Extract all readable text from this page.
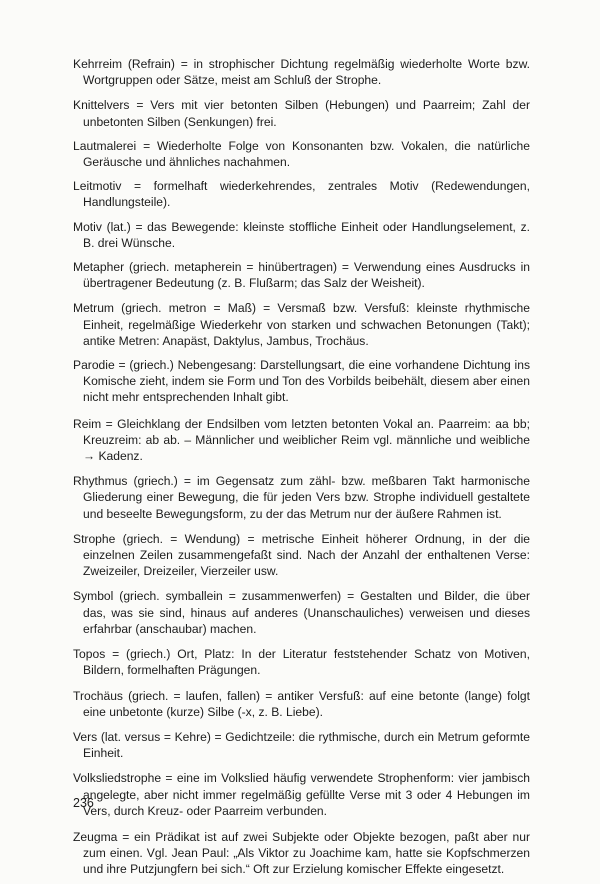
Kehrreim (Refrain) = in strophischer Dichtung regelmäßig wiederholte Worte bzw. Wortgruppen oder Sätze, meist am Schluß der Strophe.

Knittelvers = Vers mit vier betonten Silben (Hebungen) und Paarreim; Zahl der unbetonten Silben (Senkungen) frei.

Lautmalerei = Wiederholte Folge von Konsonanten bzw. Vokalen, die natürliche Geräusche und ähnliches nachahmen.

Leitmotiv = formelhaft wiederkehrendes, zentrales Motiv (Redewendungen, Handlungsteile).

Motiv (lat.) = das Bewegende: kleinste stoffliche Einheit oder Handlungselement, z. B. drei Wünsche.

Metapher (griech. metapherein = hinübertragen) = Verwendung eines Ausdrucks in übertragener Bedeutung (z. B. Flußarm; das Salz der Weisheit).

Metrum (griech. metron = Maß) = Versmaß bzw. Versfuß: kleinste rhythmische Einheit, regelmäßige Wiederkehr von starken und schwachen Betonungen (Takt); antike Metren: Anapäst, Daktylus, Jambus, Trochäus.

Parodie = (griech.) Nebengesang: Darstellungsart, die eine vorhandene Dichtung ins Komische zieht, indem sie Form und Ton des Vorbilds beibehält, diesem aber einen nicht mehr entsprechenden Inhalt gibt.

Reim = Gleichklang der Endsilben vom letzten betonten Vokal an. Paarreim: aa bb; Kreuzreim: ab ab. – Männlicher und weiblicher Reim vgl. männliche und weibliche → Kadenz.

Rhythmus (griech.) = im Gegensatz zum zähl- bzw. meßbaren Takt harmonische Gliederung einer Bewegung, die für jeden Vers bzw. Strophe individuell gestaltete und beseelte Bewegungsform, zu der das Metrum nur der äußere Rahmen ist.

Strophe (griech. = Wendung) = metrische Einheit höherer Ordnung, in der die einzelnen Zeilen zusammengefaßt sind. Nach der Anzahl der enthaltenen Verse: Zweizeiler, Dreizeiler, Vierzeiler usw.

Symbol (griech. symballein = zusammenwerfen) = Gestalten und Bilder, die über das, was sie sind, hinaus auf anderes (Unanschauliches) verweisen und dieses erfahrbar (anschaubar) machen.

Topos = (griech.) Ort, Platz: In der Literatur feststehender Schatz von Motiven, Bildern, formelhaften Prägungen.

Trochäus (griech. = laufen, fallen) = antiker Versfuß: auf eine betonte (lange) folgt eine unbetonte (kurze) Silbe (-x, z. B. Liebe).

Vers (lat. versus = Kehre) = Gedichtzeile: die rythmische, durch ein Metrum geformte Einheit.

Volksliedstrophe = eine im Volkslied häufig verwendete Strophenform: vier jambisch angelegte, aber nicht immer regelmäßig gefüllte Verse mit 3 oder 4 Hebungen im Vers, durch Kreuz- oder Paarreim verbunden.

Zeugma = ein Prädikat ist auf zwei Subjekte oder Objekte bezogen, paßt aber nur zum einen. Vgl. Jean Paul: „Als Viktor zu Joachime kam, hatte sie Kopfschmerzen und ihre Putzjungfern bei sich.“ Oft zur Erzielung komischer Effekte eingesetzt.

236
